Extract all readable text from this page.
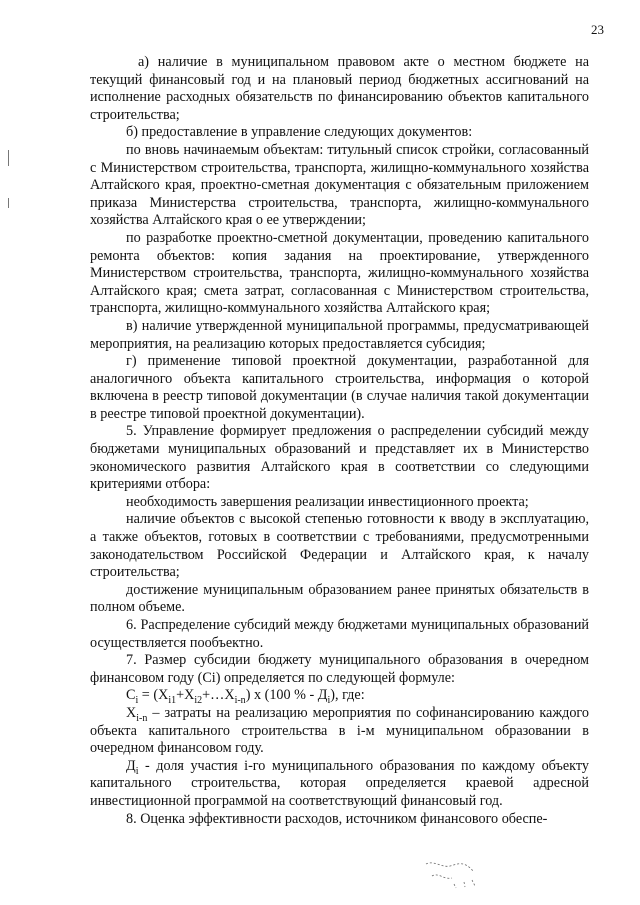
23

а) наличие в муниципальном правовом акте о местном бюджете на текущий финансовый год и на плановый период бюджетных ассигнований на исполнение расходных обязательств по финансированию объектов капитального строительства;

б) предоставление в управление следующих документов:

по вновь начинаемым объектам: титульный список стройки, согласованный с Министерством строительства, транспорта, жилищно-коммунального хозяйства Алтайского края, проектно-сметная документация с обязательным приложением приказа Министерства строительства, транспорта, жилищно-коммунального хозяйства Алтайского края о ее утверждении;

по разработке проектно-сметной документации, проведению капитального ремонта объектов: копия задания на проектирование, утвержденного Министерством строительства, транспорта, жилищно-коммунального хозяйства Алтайского края; смета затрат, согласованная с Министерством строительства, транспорта, жилищно-коммунального хозяйства Алтайского края;

в) наличие утвержденной муниципальной программы, предусматривающей мероприятия, на реализацию которых предоставляется субсидия;

г) применение типовой проектной документации, разработанной для аналогичного объекта капитального строительства, информация о которой включена в реестр типовой документации (в случае наличия такой документации в реестре типовой проектной документации).

5. Управление формирует предложения о распределении субсидий между бюджетами муниципальных образований и представляет их в Министерство экономического развития Алтайского края в соответствии со следующими критериями отбора:

необходимость завершения реализации инвестиционного проекта;

наличие объектов с высокой степенью готовности к вводу в эксплуатацию, а также объектов, готовых в соответствии с требованиями, предусмотренными законодательством Российской Федерации и Алтайского края, к началу строительства;

достижение муниципальным образованием ранее принятых обязательств в полном объеме.

6. Распределение субсидий между бюджетами муниципальных образований осуществляется пообъектно.

7. Размер субсидии бюджету муниципального образования в очередном финансовом году (Сi) определяется по следующей формуле:

$C_i$ = $(X_{i1}+X_{i2}+\dots X_{i-n})$ x (100 % - $Д_i$), где:

$X_{i-n}$ – затраты на реализацию мероприятия по софинансированию каждого объекта капитального строительства в i-м муниципальном образовании в очередном финансовом году.

$Д_i$ - доля участия i-го муниципального образования по каждому объекту капитального строительства, которая определяется краевой адресной инвестиционной программой на соответствующий финансовый год.

8. Оценка эффективности расходов, источником финансового обеспе-
